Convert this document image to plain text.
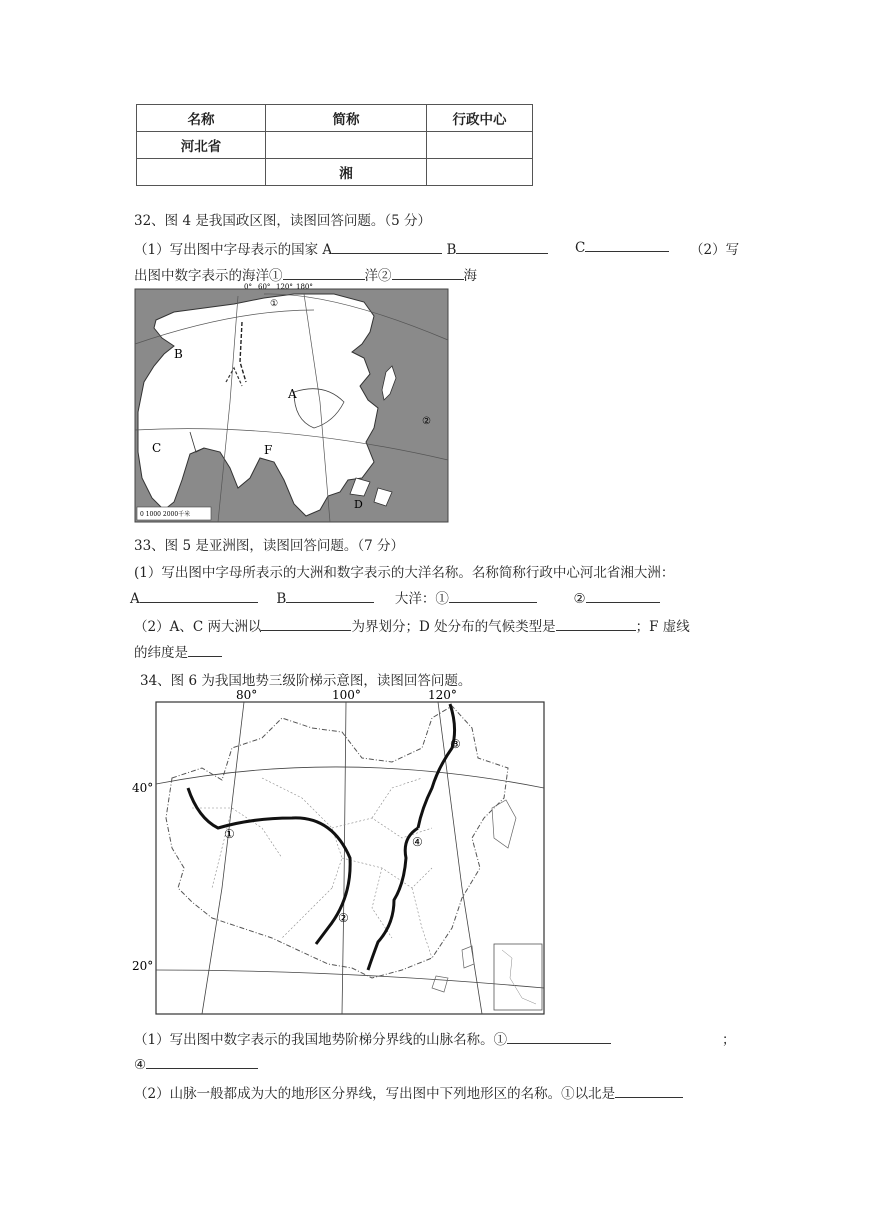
名称	简称	行政中心
河北省		
	湘	
32、图 4 是我国政区图，读图回答问题。（5 分）
（1）写出图中字母表示的国家 A	B	C	（2）写
出图中数字表示的海洋①	洋②	海
0° 60° 120° 180°
①
A
B
C
D
F
②
0 1000 2000千米
33、图 5 是亚洲图，读图回答问题。（7 分）
(1）写出图中字母所表示的大洲和数字表示的大洋名称。名称简称行政中心河北省湘大洲：
A	B	大洋：①	②
（2）A、C 两大洲以	为界划分；D 处分布的气候类型是	；F 虚线
的纬度是
34、图 6 为我国地势三级阶梯示意图，读图回答问题。
①
②
③
④
80°	100°	120°
40°
20°
（1）写出图中数字表示的我国地势阶梯分界线的山脉名称。①	；
④
（2）山脉一般都成为大的地形区分界线，写出图中下列地形区的名称。①以北是
